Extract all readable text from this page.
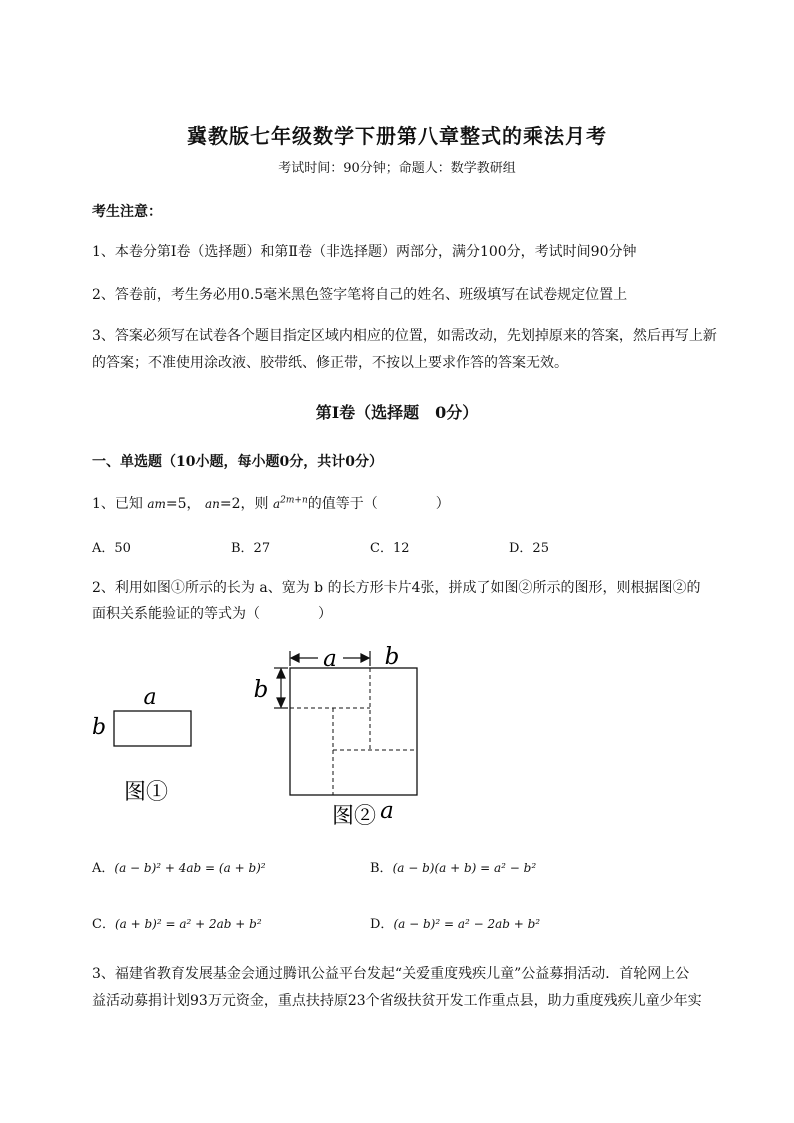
冀教版七年级数学下册第八章整式的乘法月考
考试时间：90分钟；命题人：数学教研组
考生注意：
1、本卷分第Ⅰ卷（选择题）和第Ⅱ卷（非选择题）两部分，满分100分，考试时间90分钟
2、答卷前，考生务必用0.5毫米黑色签字笔将自己的姓名、班级填写在试卷规定位置上
3、答案必须写在试卷各个题目指定区域内相应的位置，如需改动，先划掉原来的答案，然后再写上新
的答案；不准使用涂改液、胶带纸、修正带，不按以上要求作答的答案无效。
第Ⅰ卷（选择题　0分）
一、单选题（10小题，每小题0分，共计0分）
1、已知 am=5， an=2，则 $a^{2m+n}$的值等于（	）
A．50	B．27	C．12	D．25
2、利用如图①所示的长为 a、宽为 b 的长方形卡片4张，拼成了如图②所示的图形，则根据图②的
面积关系能验证的等式为（	）
a
b
图①
a b
b
图② a
A．(a − b)² + 4ab = (a + b)²	B．(a − b)(a + b) = a² − b²
C．(a + b)² = a² + 2ab + b²	D．(a − b)² = a² − 2ab + b²
3、福建省教育发展基金会通过腾讯公益平台发起“关爱重度残疾儿童”公益募捐活动．首轮网上公
益活动募捐计划93万元资金，重点扶持原23个省级扶贫开发工作重点县，助力重度残疾儿童少年实
